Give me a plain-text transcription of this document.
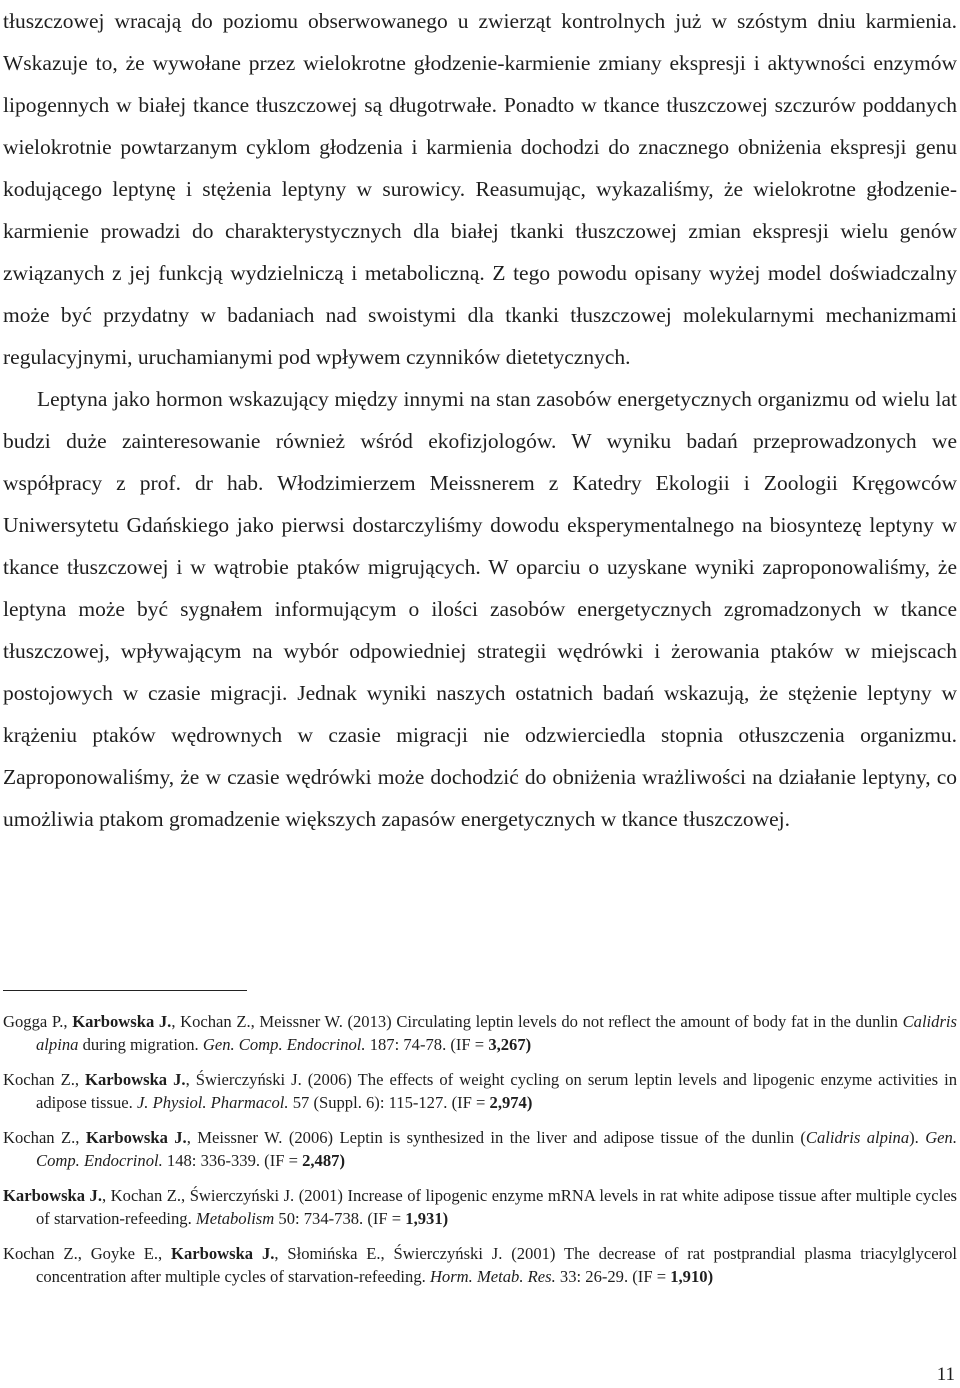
tłuszczowej wracają do poziomu obserwowanego u zwierząt kontrolnych już w szóstym dniu karmienia. Wskazuje to, że wywołane przez wielokrotne głodzenie-karmienie zmiany ekspresji i aktywności enzymów lipogennych w białej tkance tłuszczowej są długotrwałe. Ponadto w tkance tłuszczowej szczurów poddanych wielokrotnie powtarzanym cyklom głodzenia i karmienia dochodzi do znacznego obniżenia ekspresji genu kodującego leptynę i stężenia leptyny w surowicy. Reasumując, wykazaliśmy, że wielokrotne głodzenie-karmienie prowadzi do charakterystycznych dla białej tkanki tłuszczowej zmian ekspresji wielu genów związanych z jej funkcją wydzielniczą i metaboliczną. Z tego powodu opisany wyżej model doświadczalny może być przydatny w badaniach nad swoistymi dla tkanki tłuszczowej molekularnymi mechanizmami regulacyjnymi, uruchamianymi pod wpływem czynników dietetycznych.

Leptyna jako hormon wskazujący między innymi na stan zasobów energetycznych organizmu od wielu lat budzi duże zainteresowanie również wśród ekofizjologów. W wyniku badań przeprowadzonych we współpracy z prof. dr hab. Włodzimierzem Meissnerem z Katedry Ekologii i Zoologii Kręgowców Uniwersytetu Gdańskiego jako pierwsi dostarczyliśmy dowodu eksperymentalnego na biosyntezę leptyny w tkance tłuszczowej i w wątrobie ptaków migrujących. W oparciu o uzyskane wyniki zaproponowaliśmy, że leptyna może być sygnałem informującym o ilości zasobów energetycznych zgromadzonych w tkance tłuszczowej, wpływającym na wybór odpowiedniej strategii wędrówki i żerowania ptaków w miejscach postojowych w czasie migracji. Jednak wyniki naszych ostatnich badań wskazują, że stężenie leptyny w krążeniu ptaków wędrownych w czasie migracji nie odzwierciedla stopnia otłuszczenia organizmu. Zaproponowaliśmy, że w czasie wędrówki może dochodzić do obniżenia wrażliwości na działanie leptyny, co umożliwia ptakom gromadzenie większych zapasów energetycznych w tkance tłuszczowej.

Gogga P., Karbowska J., Kochan Z., Meissner W. (2013) Circulating leptin levels do not reflect the amount of body fat in the dunlin Calidris alpina during migration. Gen. Comp. Endocrinol. 187: 74-78. (IF = 3,267)

Kochan Z., Karbowska J., Świerczyński J. (2006) The effects of weight cycling on serum leptin levels and lipogenic enzyme activities in adipose tissue. J. Physiol. Pharmacol. 57 (Suppl. 6): 115-127. (IF = 2,974)

Kochan Z., Karbowska J., Meissner W. (2006) Leptin is synthesized in the liver and adipose tissue of the dunlin (Calidris alpina). Gen. Comp. Endocrinol. 148: 336-339. (IF = 2,487)

Karbowska J., Kochan Z., Świerczyński J. (2001) Increase of lipogenic enzyme mRNA levels in rat white adipose tissue after multiple cycles of starvation-refeeding. Metabolism 50: 734-738. (IF = 1,931)

Kochan Z., Goyke E., Karbowska J., Słomińska E., Świerczyński J. (2001) The decrease of rat postprandial plasma triacylglycerol concentration after multiple cycles of starvation-refeeding. Horm. Metab. Res. 33: 26-29. (IF = 1,910)

11
